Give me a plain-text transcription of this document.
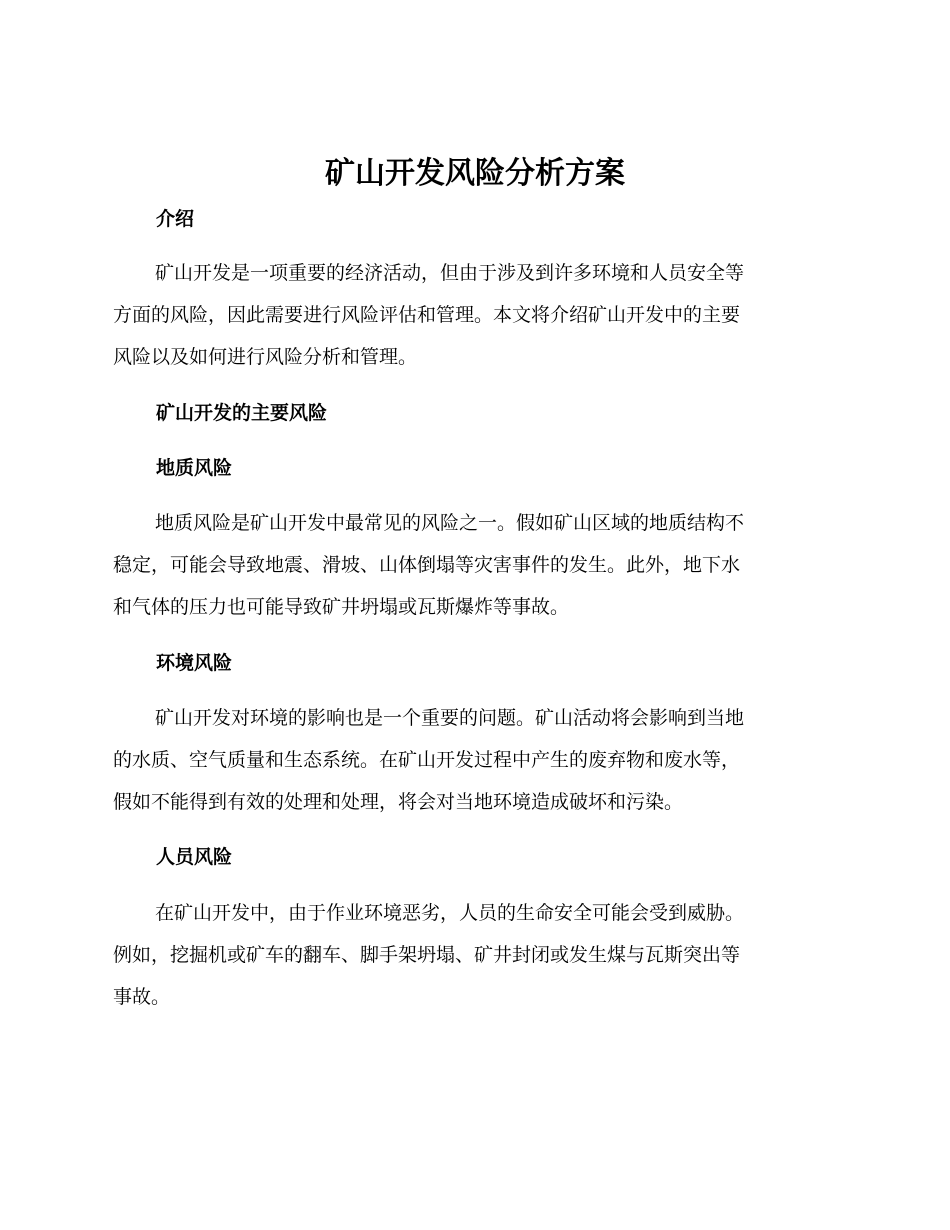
矿山开发风险分析方案
介绍

矿山开发是一项重要的经济活动，但由于涉及到许多环境和人员安全等
方面的风险，因此需要进行风险评估和管理。本文将介绍矿山开发中的主要
风险以及如何进行风险分析和管理。

矿山开发的主要风险
地质风险

地质风险是矿山开发中最常见的风险之一。假如矿山区域的地质结构不
稳定，可能会导致地震、滑坡、山体倒塌等灾害事件的发生。此外，地下水
和气体的压力也可能导致矿井坍塌或瓦斯爆炸等事故。

环境风险

矿山开发对环境的影响也是一个重要的问题。矿山活动将会影响到当地
的水质、空气质量和生态系统。在矿山开发过程中产生的废弃物和废水等，
假如不能得到有效的处理和处理，将会对当地环境造成破坏和污染。

人员风险

在矿山开发中，由于作业环境恶劣，人员的生命安全可能会受到威胁。
例如，挖掘机或矿车的翻车、脚手架坍塌、矿井封闭或发生煤与瓦斯突出等
事故。
